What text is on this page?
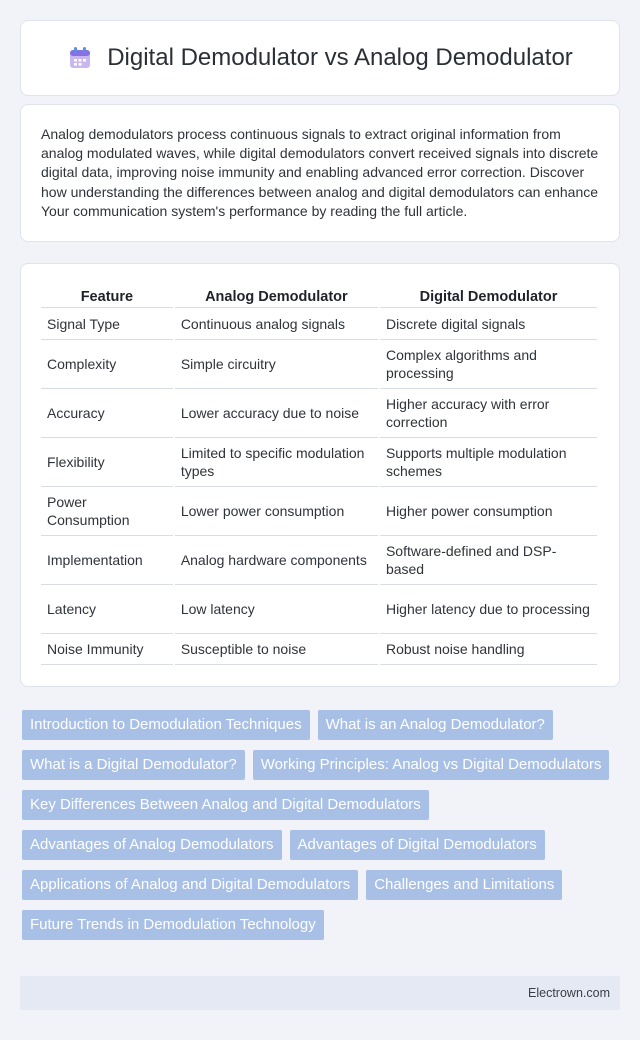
Digital Demodulator vs Analog Demodulator

Analog demodulators process continuous signals to extract original information from analog modulated waves, while digital demodulators convert received signals into discrete digital data, improving noise immunity and enabling advanced error correction. Discover how understanding the differences between analog and digital demodulators can enhance Your communication system's performance by reading the full article.

Feature	Analog Demodulator	Digital Demodulator
Signal Type	Continuous analog signals	Discrete digital signals
Complexity	Simple circuitry	Complex algorithms and processing
Accuracy	Lower accuracy due to noise	Higher accuracy with error correction
Flexibility	Limited to specific modulation types	Supports multiple modulation schemes
Power Consumption	Lower power consumption	Higher power consumption
Implementation	Analog hardware components	Software-defined and DSP-based
Latency	Low latency	Higher latency due to processing
Noise Immunity	Susceptible to noise	Robust noise handling
Introduction to Demodulation Techniques	What is an Analog Demodulator?
What is a Digital Demodulator?	Working Principles: Analog vs Digital Demodulators
Key Differences Between Analog and Digital Demodulators
Advantages of Analog Demodulators	Advantages of Digital Demodulators
Applications of Analog and Digital Demodulators	Challenges and Limitations
Future Trends in Demodulation Technology
Electrown.com
